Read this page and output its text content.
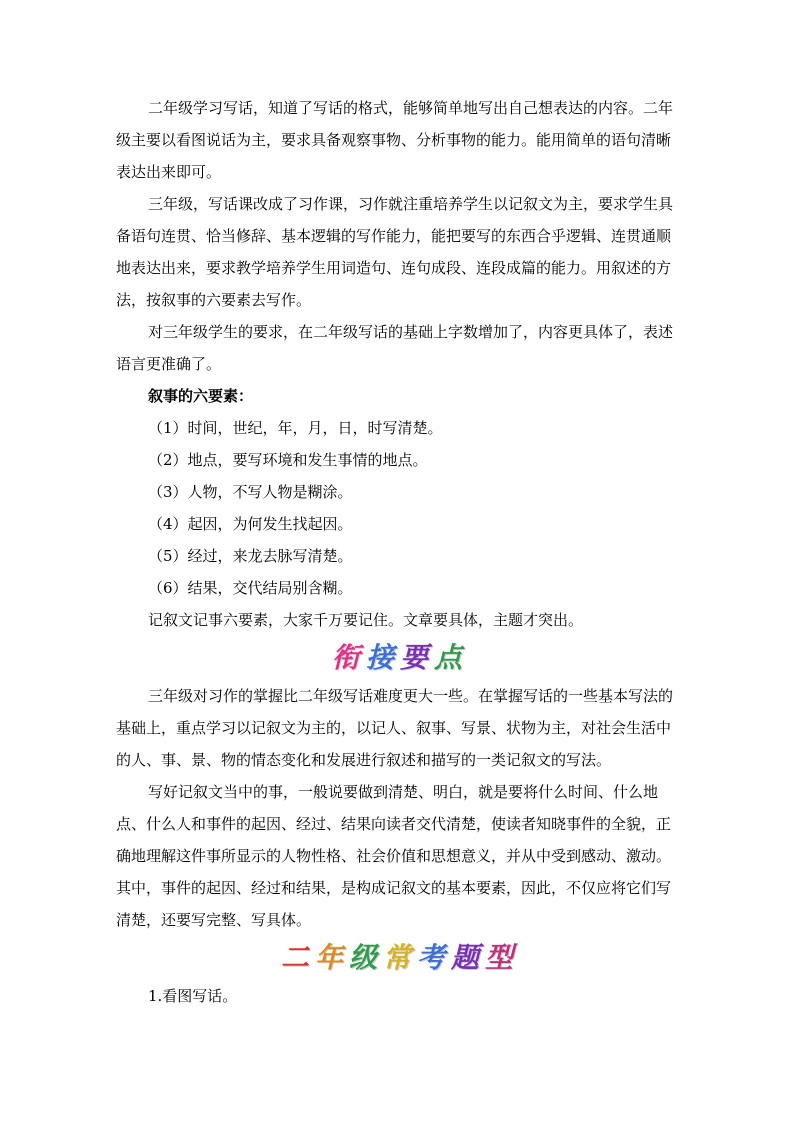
二年级学习写话，知道了写话的格式，能够简单地写出自己想表达的内容。二年级主要以看图说话为主，要求具备观察事物、分析事物的能力。能用简单的语句清晰表达出来即可。

三年级，写话课改成了习作课，习作就注重培养学生以记叙文为主，要求学生具备语句连贯、恰当修辞、基本逻辑的写作能力，能把要写的东西合乎逻辑、连贯通顺地表达出来，要求教学培养学生用词造句、连句成段、连段成篇的能力。用叙述的方法，按叙事的六要素去写作。

对三年级学生的要求，在二年级写话的基础上字数增加了，内容更具体了，表述语言更准确了。

叙事的六要素：

（1）时间，世纪，年，月，日，时写清楚。

（2）地点，要写环境和发生事情的地点。

（3）人物，不写人物是糊涂。

（4）起因，为何发生找起因。

（5）经过，来龙去脉写清楚。

（6）结果，交代结局别含糊。

记叙文记事六要素，大家千万要记住。文章要具体，主题才突出。

衔接要点

三年级对习作的掌握比二年级写话难度更大一些。在掌握写话的一些基本写法的基础上，重点学习以记叙文为主的，以记人、叙事、写景、状物为主，对社会生活中的人、事、景、物的情态变化和发展进行叙述和描写的一类记叙文的写法。

写好记叙文当中的事，一般说要做到清楚、明白，就是要将什么时间、什么地点、什么人和事件的起因、经过、结果向读者交代清楚，使读者知晓事件的全貌，正确地理解这件事所显示的人物性格、社会价值和思想意义，并从中受到感动、激动。其中，事件的起因、经过和结果，是构成记叙文的基本要素，因此，不仅应将它们写清楚，还要写完整、写具体。

二年级常考题型

1.看图写话。
